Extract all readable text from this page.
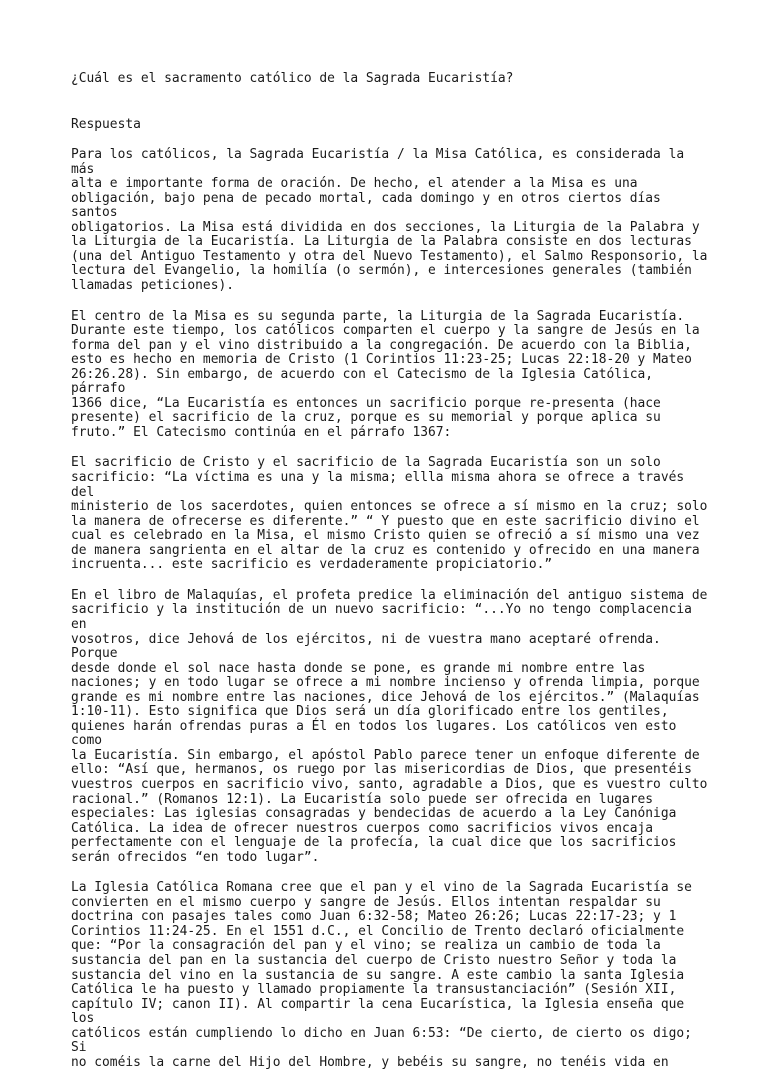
¿Cuál es el sacramento católico de la Sagrada Eucaristía?

Respuesta

Para los católicos, la Sagrada Eucaristía / la Misa Católica, es considerada la más
alta e importante forma de oración. De hecho, el atender a la Misa es una
obligación, bajo pena de pecado mortal, cada domingo y en otros ciertos días santos
obligatorios. La Misa está dividida en dos secciones, la Liturgia de la Palabra y
la Liturgia de la Eucaristía. La Liturgia de la Palabra consiste en dos lecturas
(una del Antiguo Testamento y otra del Nuevo Testamento), el Salmo Responsorio, la
lectura del Evangelio, la homilía (o sermón), e intercesiones generales (también
llamadas peticiones).

El centro de la Misa es su segunda parte, la Liturgia de la Sagrada Eucaristía.
Durante este tiempo, los católicos comparten el cuerpo y la sangre de Jesús en la
forma del pan y el vino distribuido a la congregación. De acuerdo con la Biblia,
esto es hecho en memoria de Cristo (1 Corintios 11:23-25; Lucas 22:18-20 y Mateo
26:26.28). Sin embargo, de acuerdo con el Catecismo de la Iglesia Católica, párrafo
1366 dice, “La Eucaristía es entonces un sacrificio porque re-presenta (hace
presente) el sacrificio de la cruz, porque es su memorial y porque aplica su
fruto.” El Catecismo continúa en el párrafo 1367:

El sacrificio de Cristo y el sacrificio de la Sagrada Eucaristía son un solo
sacrificio: “La víctima es una y la misma; ellla misma ahora se ofrece a través del
ministerio de los sacerdotes, quien entonces se ofrece a sí mismo en la cruz; solo
la manera de ofrecerse es diferente.” “ Y puesto que en este sacrificio divino el
cual es celebrado en la Misa, el mismo Cristo quien se ofreció a sí mismo una vez
de manera sangrienta en el altar de la cruz es contenido y ofrecido en una manera
incruenta... este sacrificio es verdaderamente propiciatorio.”

En el libro de Malaquías, el profeta predice la eliminación del antiguo sistema de
sacrificio y la institución de un nuevo sacrificio: “...Yo no tengo complacencia en
vosotros, dice Jehová de los ejércitos, ni de vuestra mano aceptaré ofrenda. Porque
desde donde el sol nace hasta donde se pone, es grande mi nombre entre las
naciones; y en todo lugar se ofrece a mi nombre incienso y ofrenda limpia, porque
grande es mi nombre entre las naciones, dice Jehová de los ejércitos.” (Malaquías
1:10-11). Esto significa que Dios será un día glorificado entre los gentiles,
quienes harán ofrendas puras a Él en todos los lugares. Los católicos ven esto como
la Eucaristía. Sin embargo, el apóstol Pablo parece tener un enfoque diferente de
ello: “Así que, hermanos, os ruego por las misericordias de Dios, que presentéis
vuestros cuerpos en sacrificio vivo, santo, agradable a Dios, que es vuestro culto
racional.” (Romanos 12:1). La Eucaristía solo puede ser ofrecida en lugares
especiales: Las iglesias consagradas y bendecidas de acuerdo a la Ley Canóniga
Católica. La idea de ofrecer nuestros cuerpos como sacrificios vivos encaja
perfectamente con el lenguaje de la profecía, la cual dice que los sacrificios
serán ofrecidos “en todo lugar”.

La Iglesia Católica Romana cree que el pan y el vino de la Sagrada Eucaristía se
convierten en el mismo cuerpo y sangre de Jesús. Ellos intentan respaldar su
doctrina con pasajes tales como Juan 6:32-58; Mateo 26:26; Lucas 22:17-23; y 1
Corintios 11:24-25. En el 1551 d.C., el Concilio de Trento declaró oficialmente
que: “Por la consagración del pan y el vino; se realiza un cambio de toda la
sustancia del pan en la sustancia del cuerpo de Cristo nuestro Señor y toda la
sustancia del vino en la sustancia de su sangre. A este cambio la santa Iglesia
Católica le ha puesto y llamado propiamente la transustanciación” (Sesión XII,
capítulo IV; canon II). Al compartir la cena Eucarística, la Iglesia enseña que los
católicos están cumpliendo lo dicho en Juan 6:53: “De cierto, de cierto os digo; Si
no coméis la carne del Hijo del Hombre, y bebéis su sangre, no tenéis vida en
